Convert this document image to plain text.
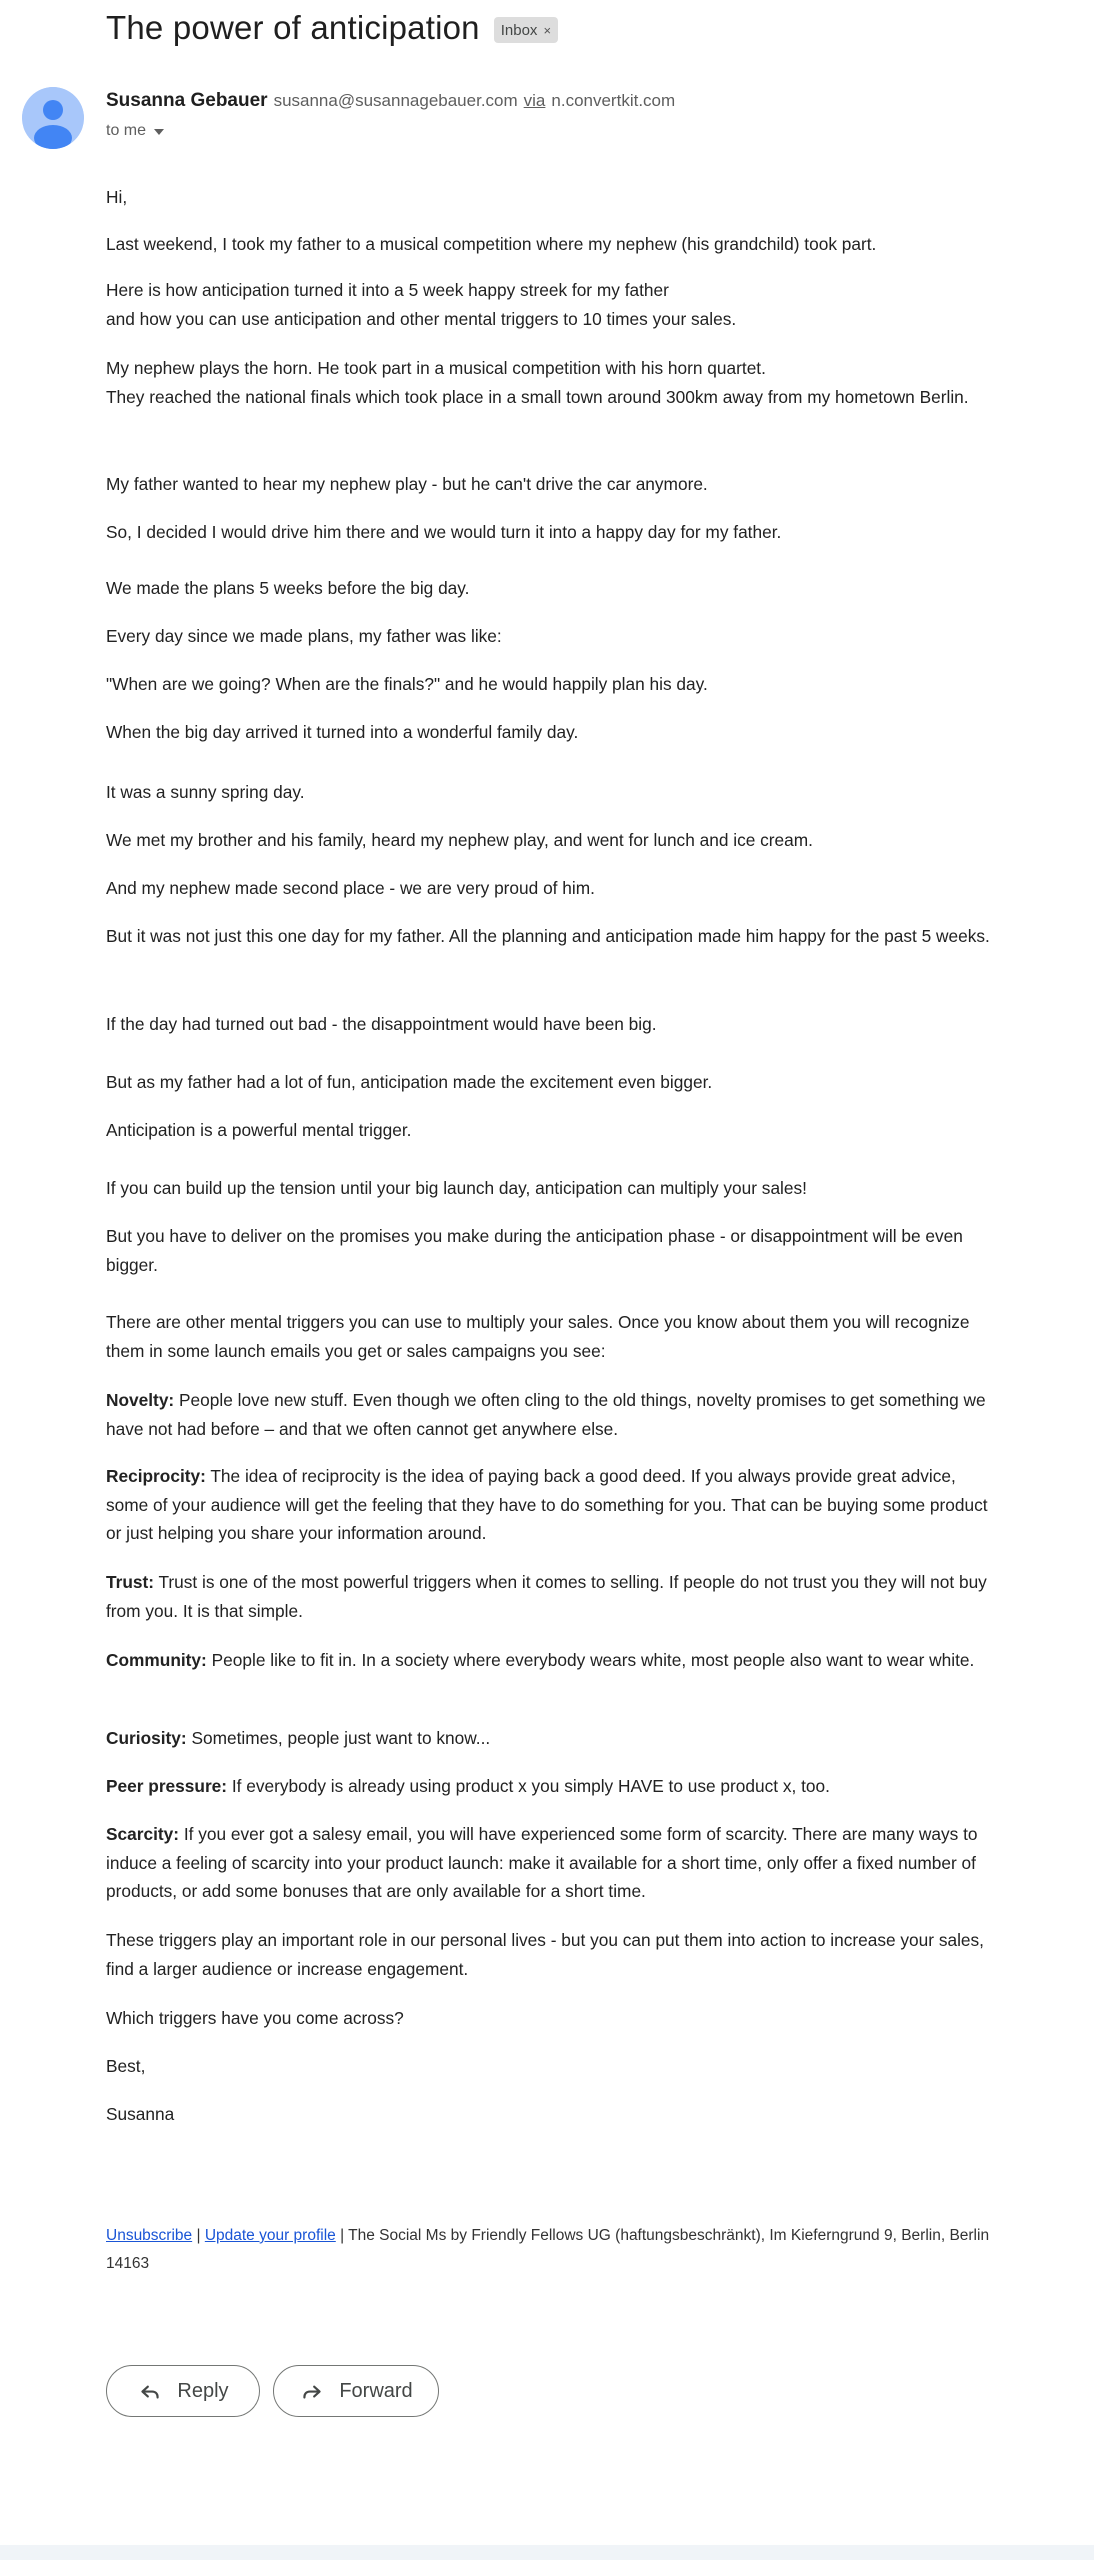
The power of anticipation Inbox ×
Susanna Gebauer susanna@susannagebauer.com via n.convertkit.com
to me

Hi,

Last weekend, I took my father to a musical competition where my nephew (his grandchild) took part.

Here is how anticipation turned it into a 5 week happy streek for my father
and how you can use anticipation and other mental triggers to 10 times your sales.

My nephew plays the horn. He took part in a musical competition with his horn quartet.
They reached the national finals which took place in a small town around 300km away from my hometown Berlin.

My father wanted to hear my nephew play - but he can't drive the car anymore.

So, I decided I would drive him there and we would turn it into a happy day for my father.

We made the plans 5 weeks before the big day.

Every day since we made plans, my father was like:

"When are we going? When are the finals?" and he would happily plan his day.

When the big day arrived it turned into a wonderful family day.

It was a sunny spring day.

We met my brother and his family, heard my nephew play, and went for lunch and ice cream.

And my nephew made second place - we are very proud of him.

But it was not just this one day for my father. All the planning and anticipation made him happy for the past 5 weeks.

If the day had turned out bad - the disappointment would have been big.

But as my father had a lot of fun, anticipation made the excitement even bigger.

Anticipation is a powerful mental trigger.

If you can build up the tension until your big launch day, anticipation can multiply your sales!

But you have to deliver on the promises you make during the anticipation phase - or disappointment will be even bigger.

There are other mental triggers you can use to multiply your sales. Once you know about them you will recognize them in some launch emails you get or sales campaigns you see:

Novelty: People love new stuff. Even though we often cling to the old things, novelty promises to get something we have not had before – and that we often cannot get anywhere else.

Reciprocity: The idea of reciprocity is the idea of paying back a good deed. If you always provide great advice, some of your audience will get the feeling that they have to do something for you. That can be buying some product or just helping you share your information around.

Trust: Trust is one of the most powerful triggers when it comes to selling. If people do not trust you they will not buy from you. It is that simple.

Community: People like to fit in. In a society where everybody wears white, most people also want to wear white.

Curiosity: Sometimes, people just want to know...

Peer pressure: If everybody is already using product x you simply HAVE to use product x, too.

Scarcity: If you ever got a salesy email, you will have experienced some form of scarcity. There are many ways to induce a feeling of scarcity into your product launch: make it available for a short time, only offer a fixed number of products, or add some bonuses that are only available for a short time.

These triggers play an important role in our personal lives - but you can put them into action to increase your sales, find a larger audience or increase engagement.

Which triggers have you come across?

Best,

Susanna

Unsubscribe | Update your profile | The Social Ms by Friendly Fellows UG (haftungsbeschränkt), Im Kieferngrund 9, Berlin, Berlin 14163
Reply	Forward
